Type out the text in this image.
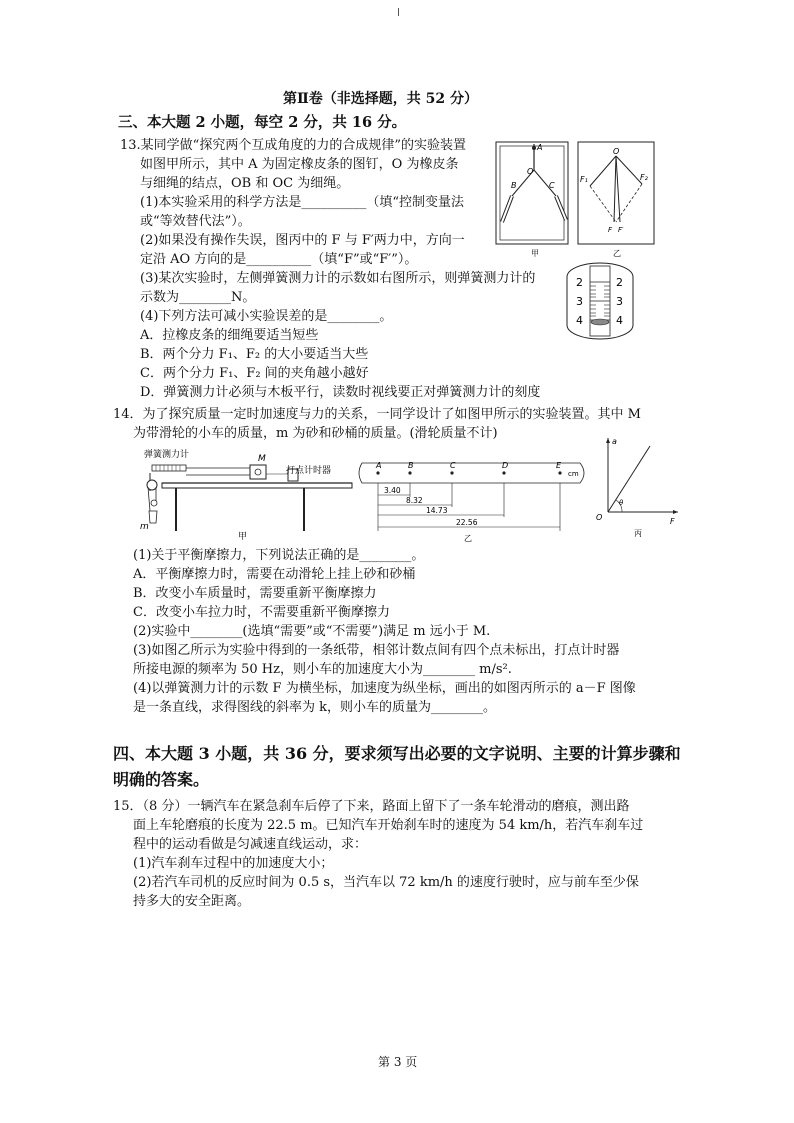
第Ⅱ卷（非选择题，共 52 分）
三、本大题 2 小题，每空 2 分，共 16 分。
13.某同学做“探究两个互成角度的力的合成规律”的实验装置
如图甲所示，其中 A 为固定橡皮条的图钉，O 为橡皮条
与细绳的结点，OB 和 OC 为细绳。
(1)本实验采用的科学方法是__________（填“控制变量法
或“等效替代法”）。
(2)如果没有操作失误，图丙中的 F 与 F′两力中，方向一
定沿 AO 方向的是__________（填“F”或“F′”）。
(3)某次实验时，左侧弹簧测力计的示数如右图所示，则弹簧测力计的
示数为________N。
(4)下列方法可减小实验误差的是________。
A．拉橡皮条的细绳要适当短些
B．两个分力 F₁、F₂ 的大小要适当大些
C．两个分力 F₁、F₂ 间的夹角越小越好
D．弹簧测力计必须与木板平行，读数时视线要正对弹簧测力计的刻度
A
O
B	C
甲
O
F₁	F₂
F F′
乙
2
3
4
2
3
4
14．为了探究质量一定时加速度与力的关系，一同学设计了如图甲所示的实验装置。其中 M
为带滑轮的小车的质量，m 为砂和砂桶的质量。(滑轮质量不计)
弹簧测力计	M
打点计时器
m
甲
A	B	C	D	E
cm
3.40
8.32
14.73
22.56
乙
a
F
O
θ
丙
(1)关于平衡摩擦力，下列说法正确的是________。
A．平衡摩擦力时，需要在动滑轮上挂上砂和砂桶
B．改变小车质量时，需要重新平衡摩擦力
C．改变小车拉力时，不需要重新平衡摩擦力
(2)实验中________(选填“需要”或“不需要”)满足 m 远小于 M.
(3)如图乙所示为实验中得到的一条纸带，相邻计数点间有四个点未标出，打点计时器
所接电源的频率为 50 Hz，则小车的加速度大小为________ m/s².
(4)以弹簧测力计的示数 F 为横坐标，加速度为纵坐标，画出的如图丙所示的 a－F 图像
是一条直线，求得图线的斜率为 k，则小车的质量为________。
四、本大题 3 小题，共 36 分，要求须写出必要的文字说明、主要的计算步骤和
明确的答案。
15．（8 分）一辆汽车在紧急刹车后停了下来，路面上留下了一条车轮滑动的磨痕，测出路
面上车轮磨痕的长度为 22.5 m。已知汽车开始刹车时的速度为 54 km/h，若汽车刹车过
程中的运动看做是匀减速直线运动，求：
(1)汽车刹车过程中的加速度大小；
(2)若汽车司机的反应时间为 0.5 s，当汽车以 72 km/h 的速度行驶时，应与前车至少保
持多大的安全距离。
第 3 页
